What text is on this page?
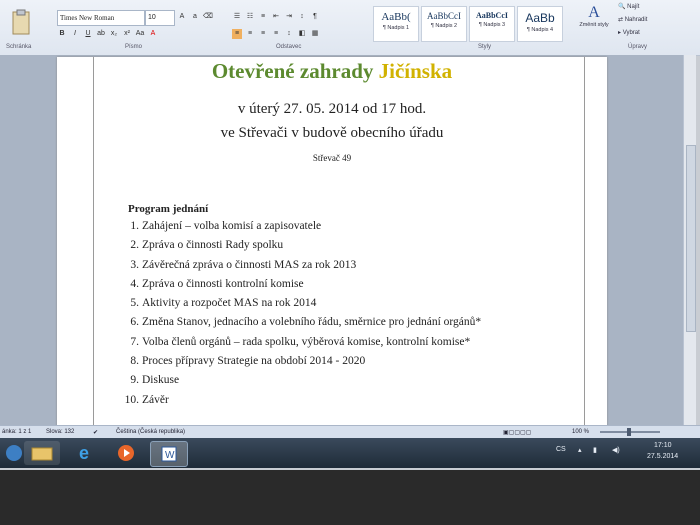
Times New Roman	10	A	a ⌫
B	I	U ab x₂ x² Aa A
☰ ☷	≡	⇤ ⇥	↕	¶
≡	≡	≡	≡	↕	◧ ▦
AaBb(
¶ Nadpis 1
AaBbCcI
¶ Nadpis 2
AaBbCcI
¶ Nadpis 3	AaBb
¶ Nadpis 4
A
Změnit styly
🔍 Najít
⇄ Nahradit
▸ Vybrat
Schránka	Písmo	Odstavec	Styly	Úpravy
Otevřené zahrady Jičínska
v úterý 27. 05. 2014 od 17 hod.
ve Střevači v budově obecního úřadu
Střevač 49
Program jednání
1. Zahájení – volba komisí a zapisovatele
2. Zpráva o činnosti Rady spolku
3. Závěrečná zpráva o činnosti MAS za rok 2013
4. Zpráva o činnosti kontrolní komise
5. Aktivity a rozpočet MAS na rok 2014
6. Změna Stanov, jednacího a volebního řádu, směrnice pro jednání orgánů*
7. Volba členů orgánů – rada spolku, výběrová komise, kontrolní komise*
8. Proces přípravy Strategie na období 2014 - 2020
9. Diskuse
10. Závěr
ánka: 1 z 1 Slova: 132	✔	Čeština (Česká republika)	▣▢▢▢▢	100 %
e	W
CS ▴ ▮ ◀)
17:10
27.5.2014
